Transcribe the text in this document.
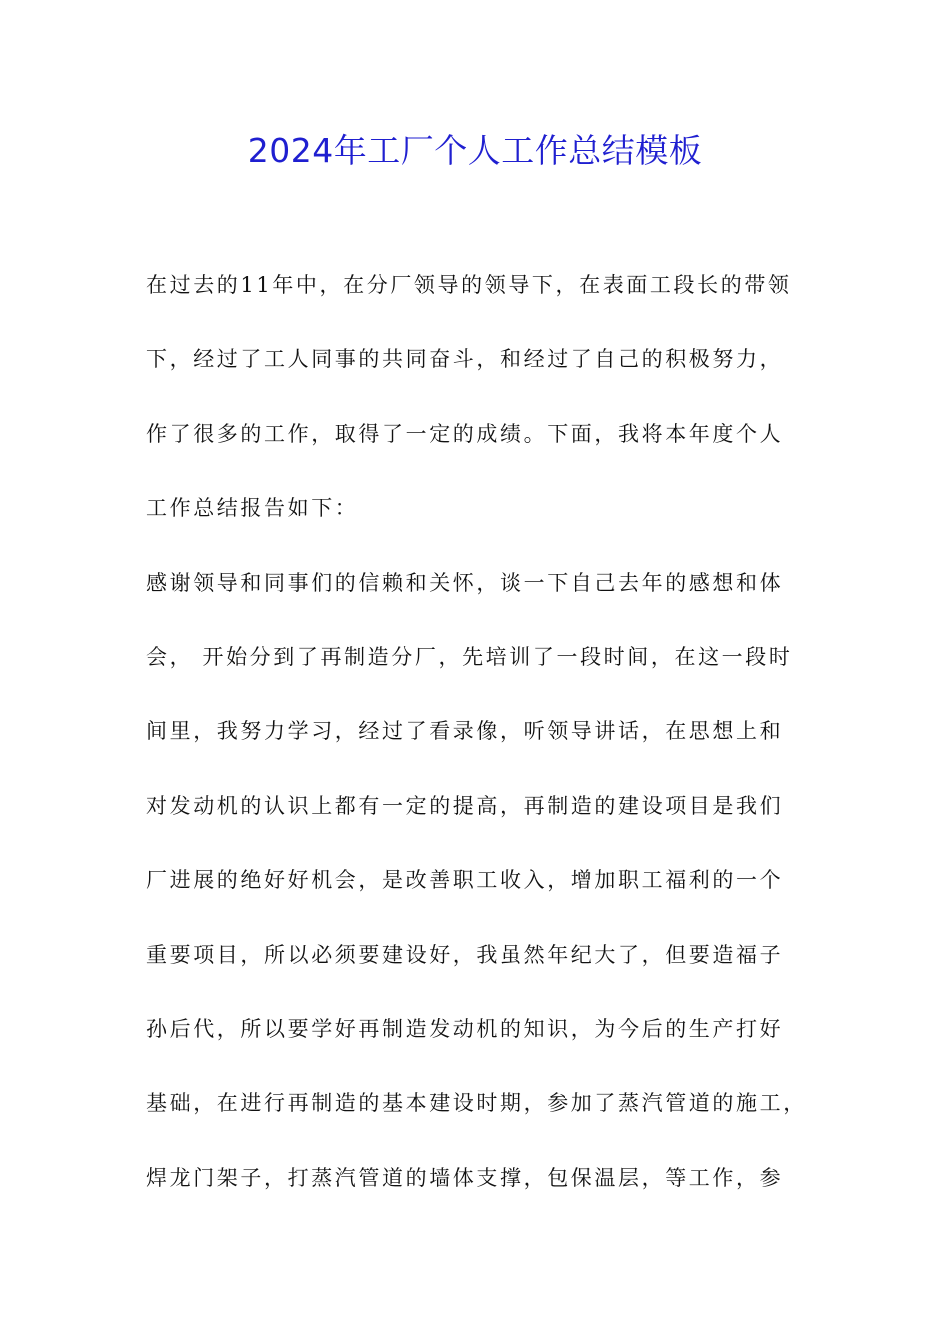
2024年工厂个人工作总结模板
在过去的11年中，在分厂领导的领导下，在表面工段长的带领
下，经过了工人同事的共同奋斗，和经过了自己的积极努力，
作了很多的工作，取得了一定的成绩。下面，我将本年度个人
工作总结报告如下：
感谢领导和同事们的信赖和关怀，谈一下自己去年的感想和体
会， 开始分到了再制造分厂，先培训了一段时间，在这一段时
间里，我努力学习，经过了看录像，听领导讲话，在思想上和
对发动机的认识上都有一定的提高，再制造的建设项目是我们
厂进展的绝好好机会，是改善职工收入，增加职工福利的一个
重要项目，所以必须要建设好，我虽然年纪大了，但要造福子
孙后代，所以要学好再制造发动机的知识，为今后的生产打好
基础，在进行再制造的基本建设时期，参加了蒸汽管道的施工，
焊龙门架子，打蒸汽管道的墙体支撑，包保温层，等工作，参
